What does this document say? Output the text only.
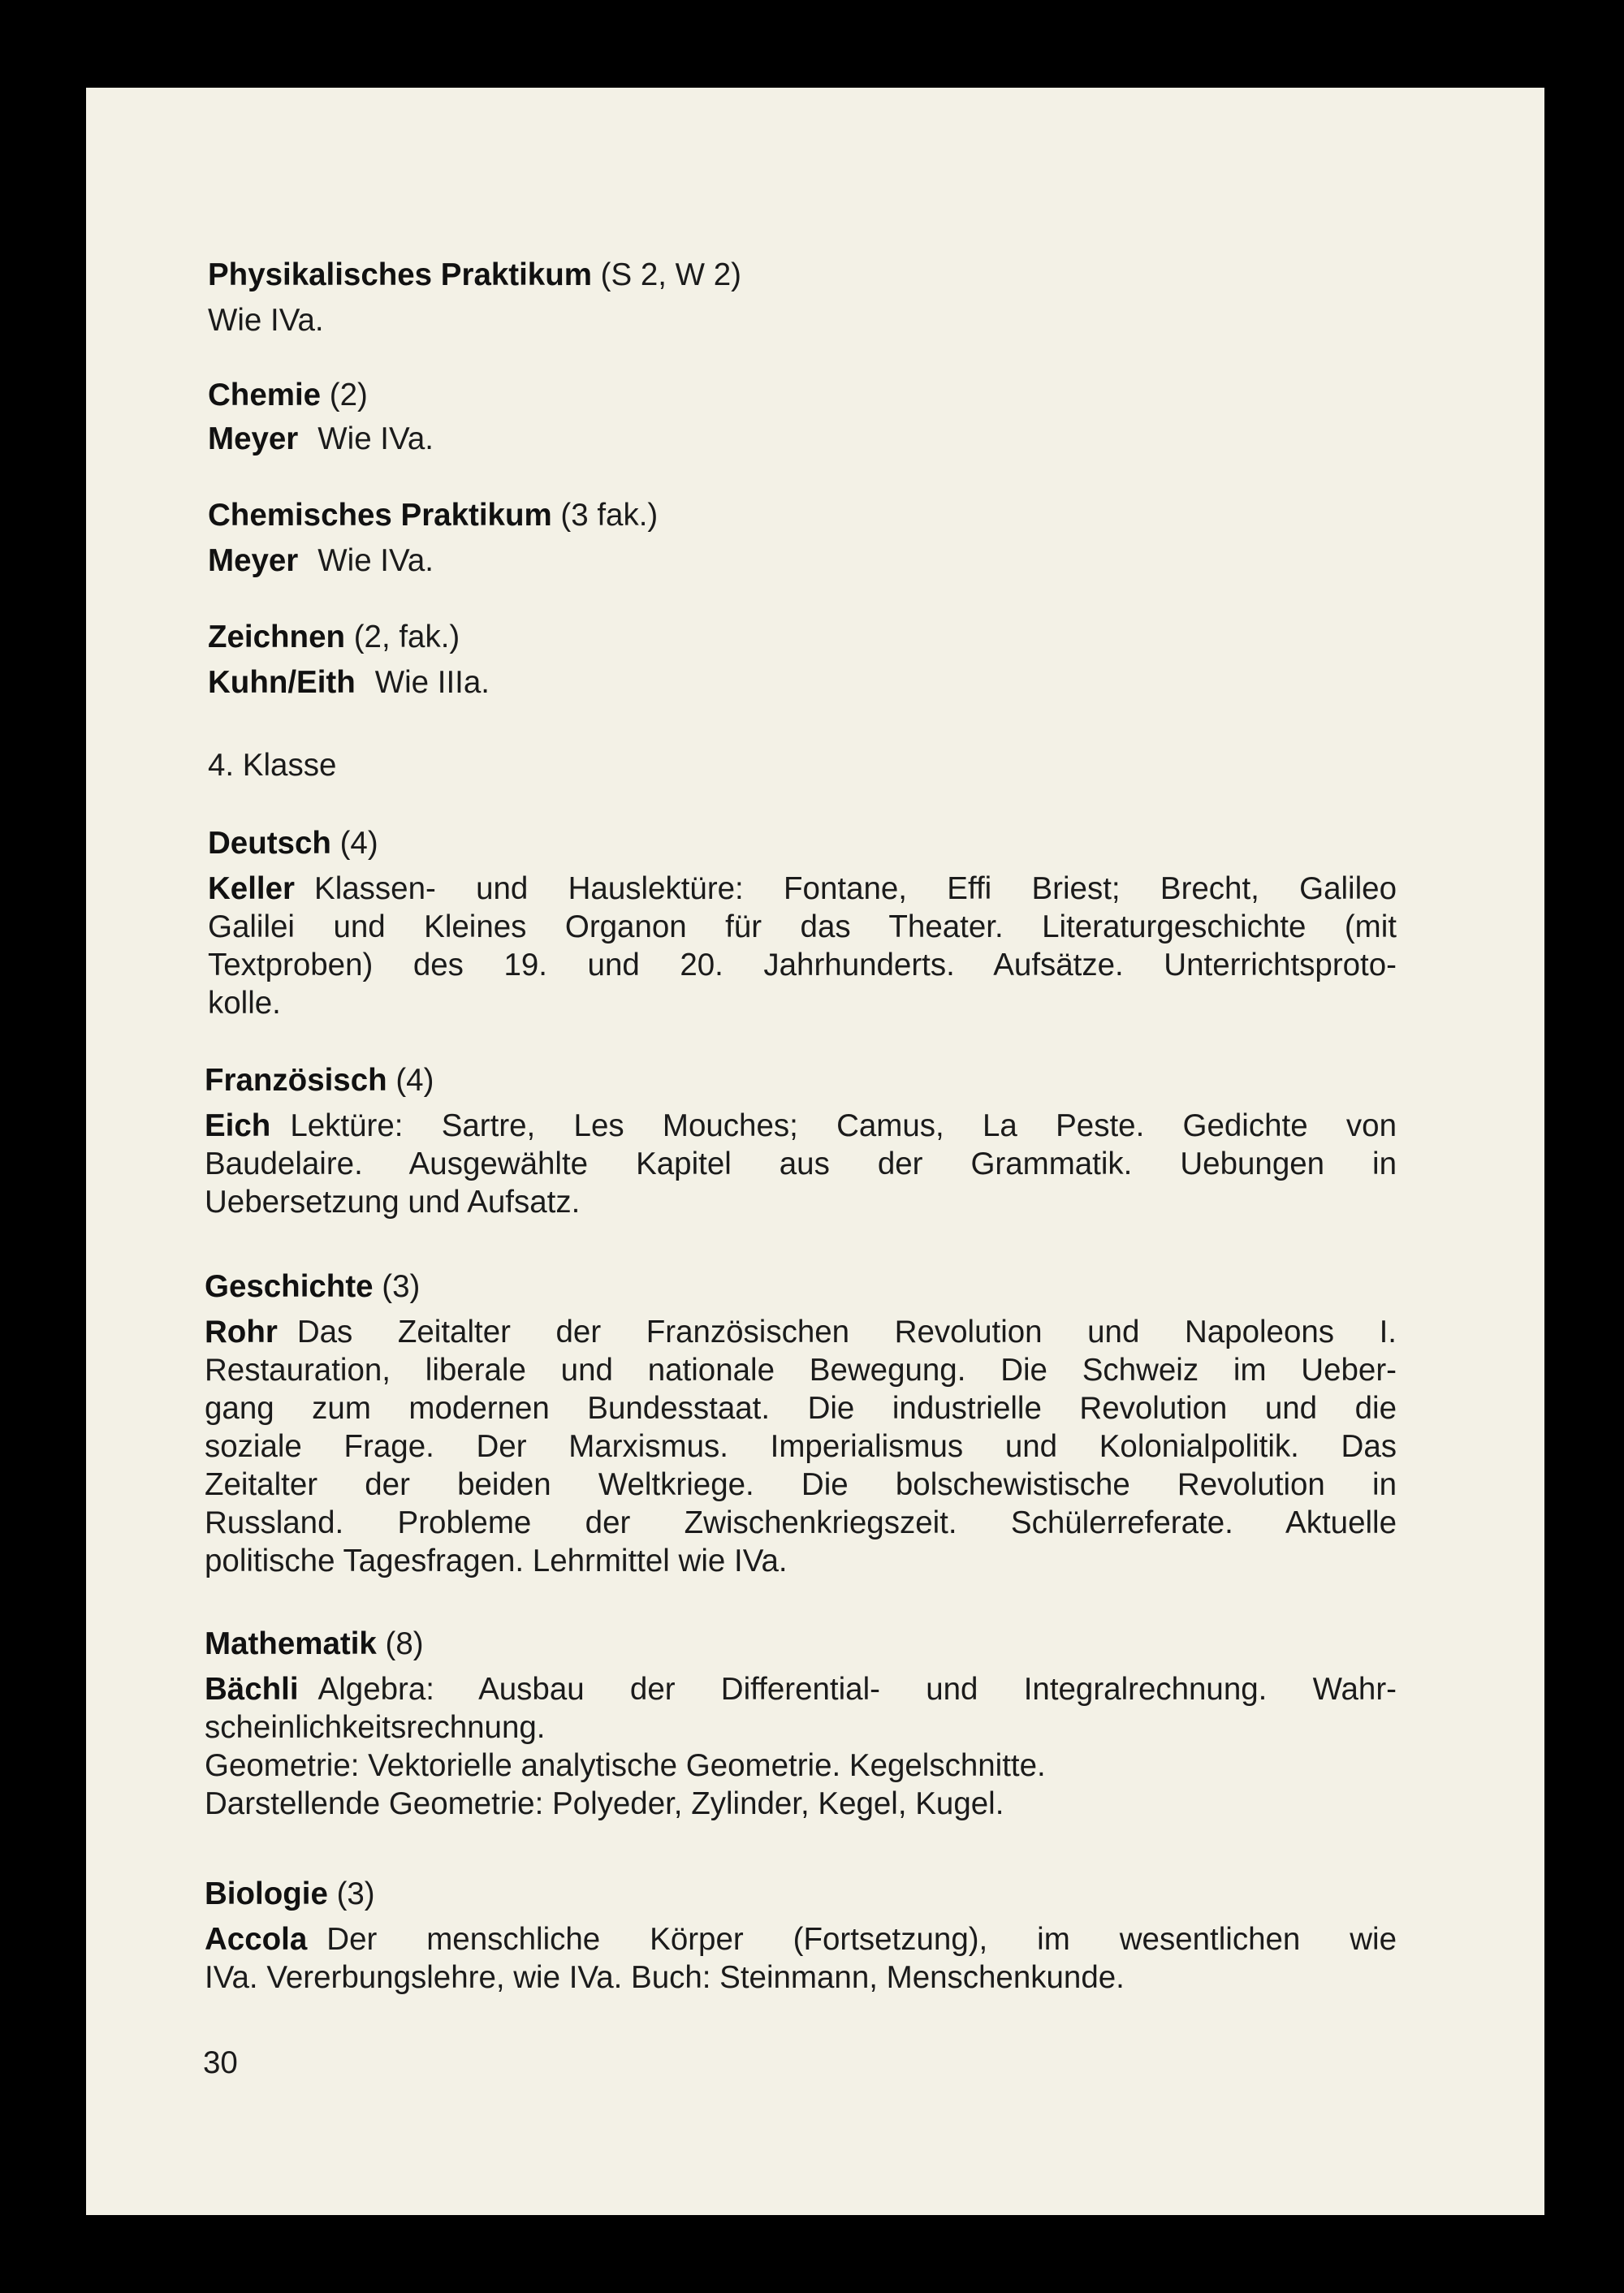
Physikalisches Praktikum (S 2, W 2)

Wie IVa.

Chemie (2)

Meyer Wie IVa.

Chemisches Praktikum (3 fak.)

Meyer Wie IVa.

Zeichnen (2, fak.)

Kuhn/Eith Wie IIIa.

4. Klasse

Deutsch (4)

Keller Klassen- und Hauslektüre: Fontane, Effi Briest; Brecht, Galileo

Galilei und Kleines Organon für das Theater. Literaturgeschichte (mit

Textproben) des 19. und 20. Jahrhunderts. Aufsätze. Unterrichtsproto-

kolle.

Französisch (4)

Eich Lektüre: Sartre, Les Mouches; Camus, La Peste. Gedichte von

Baudelaire. Ausgewählte Kapitel aus der Grammatik. Uebungen in

Uebersetzung und Aufsatz.

Geschichte (3)

Rohr Das Zeitalter der Französischen Revolution und Napoleons I.

Restauration, liberale und nationale Bewegung. Die Schweiz im Ueber-

gang zum modernen Bundesstaat. Die industrielle Revolution und die

soziale Frage. Der Marxismus. Imperialismus und Kolonialpolitik. Das

Zeitalter der beiden Weltkriege. Die bolschewistische Revolution in

Russland. Probleme der Zwischenkriegszeit. Schülerreferate. Aktuelle

politische Tagesfragen. Lehrmittel wie IVa.

Mathematik (8)

Bächli Algebra: Ausbau der Differential- und Integralrechnung. Wahr-

scheinlichkeitsrechnung.

Geometrie: Vektorielle analytische Geometrie. Kegelschnitte.

Darstellende Geometrie: Polyeder, Zylinder, Kegel, Kugel.

Biologie (3)

Accola Der menschliche Körper (Fortsetzung), im wesentlichen wie

IVa. Vererbungslehre, wie IVa. Buch: Steinmann, Menschenkunde.

30
